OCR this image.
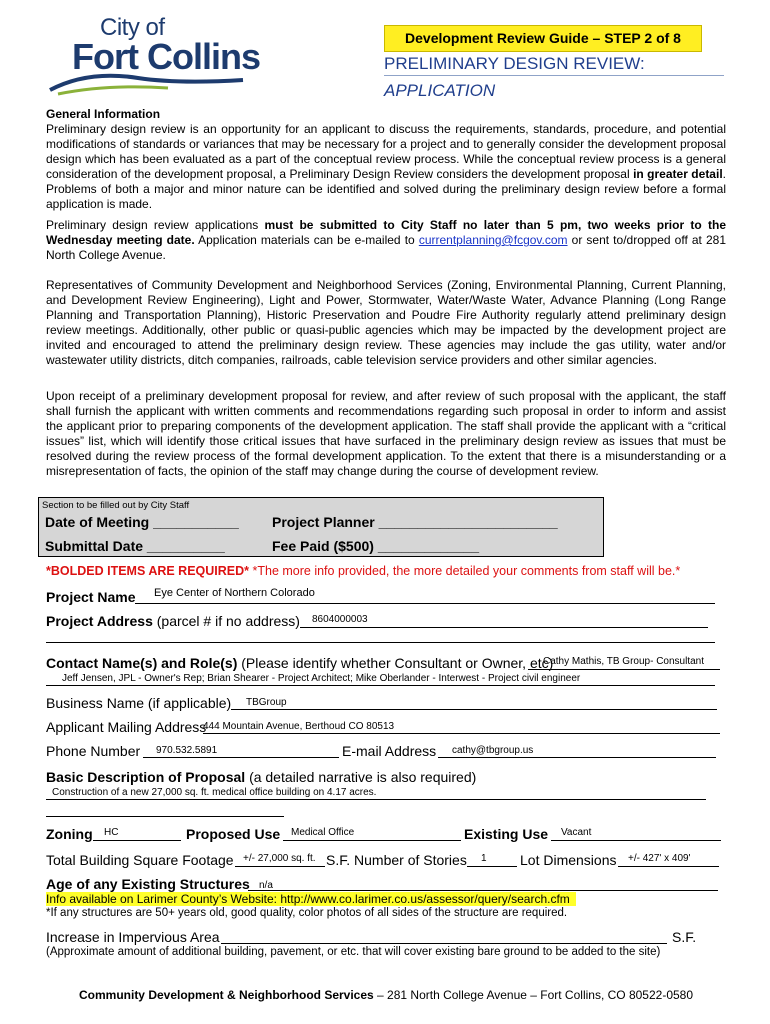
City of
Fort Collins	Development Review Guide – STEP 2 of 8
PRELIMINARY DESIGN REVIEW:
APPLICATION
General Information
Preliminary design review is an opportunity for an applicant to discuss the requirements, standards, procedure, and potential modifications of standards or variances that may be necessary for a project and to generally consider the development proposal design which has been evaluated as a part of the conceptual review process. While the conceptual review process is a general consideration of the development proposal, a Preliminary Design Review considers the development proposal in greater detail. Problems of both a major and minor nature can be identified and solved during the preliminary design review before a formal application is made.
Preliminary design review applications must be submitted to City Staff no later than 5 pm, two weeks prior to the Wednesday meeting date. Application materials can be e-mailed to currentplanning@fcgov.com or sent to/dropped off at 281 North College Avenue.
Representatives of Community Development and Neighborhood Services (Zoning, Environmental Planning, Current Planning, and Development Review Engineering), Light and Power, Stormwater, Water/Waste Water, Advance Planning (Long Range Planning and Transportation Planning), Historic Preservation and Poudre Fire Authority regularly attend preliminary design review meetings. Additionally, other public or quasi-public agencies which may be impacted by the development project are invited and encouraged to attend the preliminary design review. These agencies may include the gas utility, water and/or wastewater utility districts, ditch companies, railroads, cable television service providers and other similar agencies.
Upon receipt of a preliminary development proposal for review, and after review of such proposal with the applicant, the staff shall furnish the applicant with written comments and recommendations regarding such proposal in order to inform and assist the applicant prior to preparing components of the development application. The staff shall provide the applicant with a “critical issues” list, which will identify those critical issues that have surfaced in the preliminary design review as issues that must be resolved during the review process of the formal development application. To the extent that there is a misunderstanding or a misrepresentation of facts, the opinion of the staff may change during the course of development review.
Section to be filled out by City Staff
Date of Meeting ___________ Project Planner _______________________
Submittal Date __________	Fee Paid ($500) _____________
*BOLDED ITEMS ARE REQUIRED* *The more info provided, the more detailed your comments from staff will be.*
Project Name Eye Center of Northern Colorado
Project Address (parcel # if no address) 8604000003
Contact Name(s) and Role(s) (Please identify whether Consultant or Owner, etc)
Cathy Mathis, TB Group- Consultant
Jeff Jensen, JPL - Owner's Rep; Brian Shearer - Project Architect; Mike Oberlander - Interwest - Project civil engineer
Business Name (if applicable) TBGroup
Applicant Mailing Address
444 Mountain Avenue, Berthoud CO 80513
Phone Number 970.532.5891	E-mail Address cathy@tbgroup.us
Basic Description of Proposal (a detailed narrative is also required)
Construction of a new 27,000 sq. ft. medical office building on 4.17 acres.
Zoning HC	Proposed Use Medical Office	Existing Use Vacant
Total Building Square Footage +/- 27,000 sq. ft. S.F. Number of Stories 1 Lot Dimensions +/- 427' x 409'
Age of any Existing Structures n/a
Info available on Larimer County’s Website: http://www.co.larimer.co.us/assessor/query/search.cfm
*If any structures are 50+ years old, good quality, color photos of all sides of the structure are required.
Increase in Impervious Area	S.F.
(Approximate amount of additional building, pavement, or etc. that will cover existing bare ground to be added to the site)
Community Development & Neighborhood Services – 281 North College Avenue – Fort Collins, CO 80522-0580
